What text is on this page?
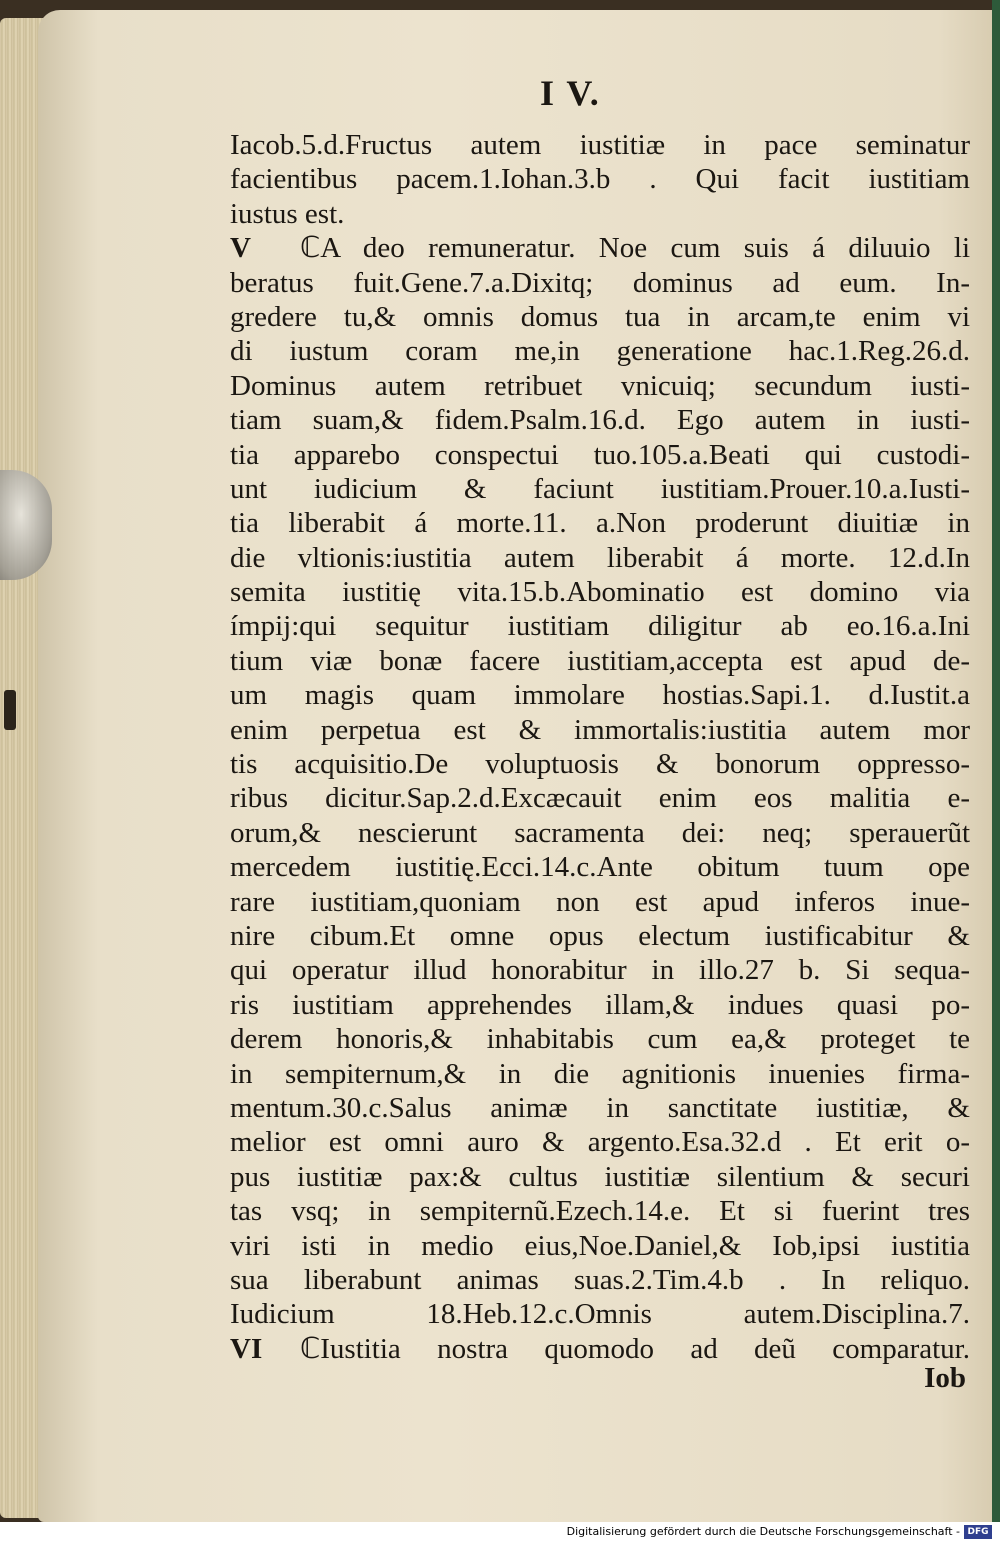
I V.
Iacob.5.d.Fructus autem iustitiæ in pace seminatur
facientibus pacem.1.Iohan.3.b . Qui facit iustitiam
iustus est.
V ℂA deo remuneratur. Noe cum suis á diluuio li
beratus fuit.Gene.7.a.Dixitq; dominus ad eum. In-
gredere tu,& omnis domus tua in arcam,te enim vi
di iustum coram me,in generatione hac.1.Reg.26.d.
Dominus autem retribuet vnicuiq; secundum iusti-
tiam suam,& fidem.Psalm.16.d. Ego autem in iusti-
tia apparebo conspectui tuo.105.a.Beati qui custodi-
unt iudicium & faciunt iustitiam.Prouer.10.a.Iusti-
tia liberabit á morte.11. a.Non proderunt diuitiæ in
die vltionis:iustitia autem liberabit á morte. 12.d.In
semita iustitię vita.15.b.Abominatio est domino via
ímpij:qui sequitur iustitiam diligitur ab eo.16.a.Ini
tium viæ bonæ facere iustitiam,accepta est apud de-
um magis quam immolare hostias.Sapi.1. d.Iustit.a
enim perpetua est & immortalis:iustitia autem mor
tis acquisitio.De voluptuosis & bonorum oppresso-
ribus dicitur.Sap.2.d.Excæcauit enim eos malitia e-
orum,& nescierunt sacramenta dei: neq; sperauerũt
mercedem iustitię.Ecci.14.c.Ante obitum tuum ope
rare iustitiam,quoniam non est apud inferos inue-
nire cibum.Et omne opus electum iustificabitur &
qui operatur illud honorabitur in illo.27 b. Si sequa-
ris iustitiam apprehendes illam,& indues quasi po-
derem honoris,& inhabitabis cum ea,& proteget te
in sempiternum,& in die agnitionis inuenies firma-
mentum.30.c.Salus animæ in sanctitate iustitiæ, &
melior est omni auro & argento.Esa.32.d . Et erit o-
pus iustitiæ pax:& cultus iustitiæ silentium & securi
tas vsq; in sempiternũ.Ezech.14.e. Et si fuerint tres
viri isti in medio eius,Noe.Daniel,& Iob,ipsi iustitia
sua liberabunt animas suas.2.Tim.4.b . In reliquo.
Iudicium 18.Heb.12.c.Omnis autem.Disciplina.7.
VI ℂIustitia nostra quomodo ad deũ comparatur.
Iob
Digitalisierung gefördert durch die Deutsche Forschungsgemeinschaft - DFG
